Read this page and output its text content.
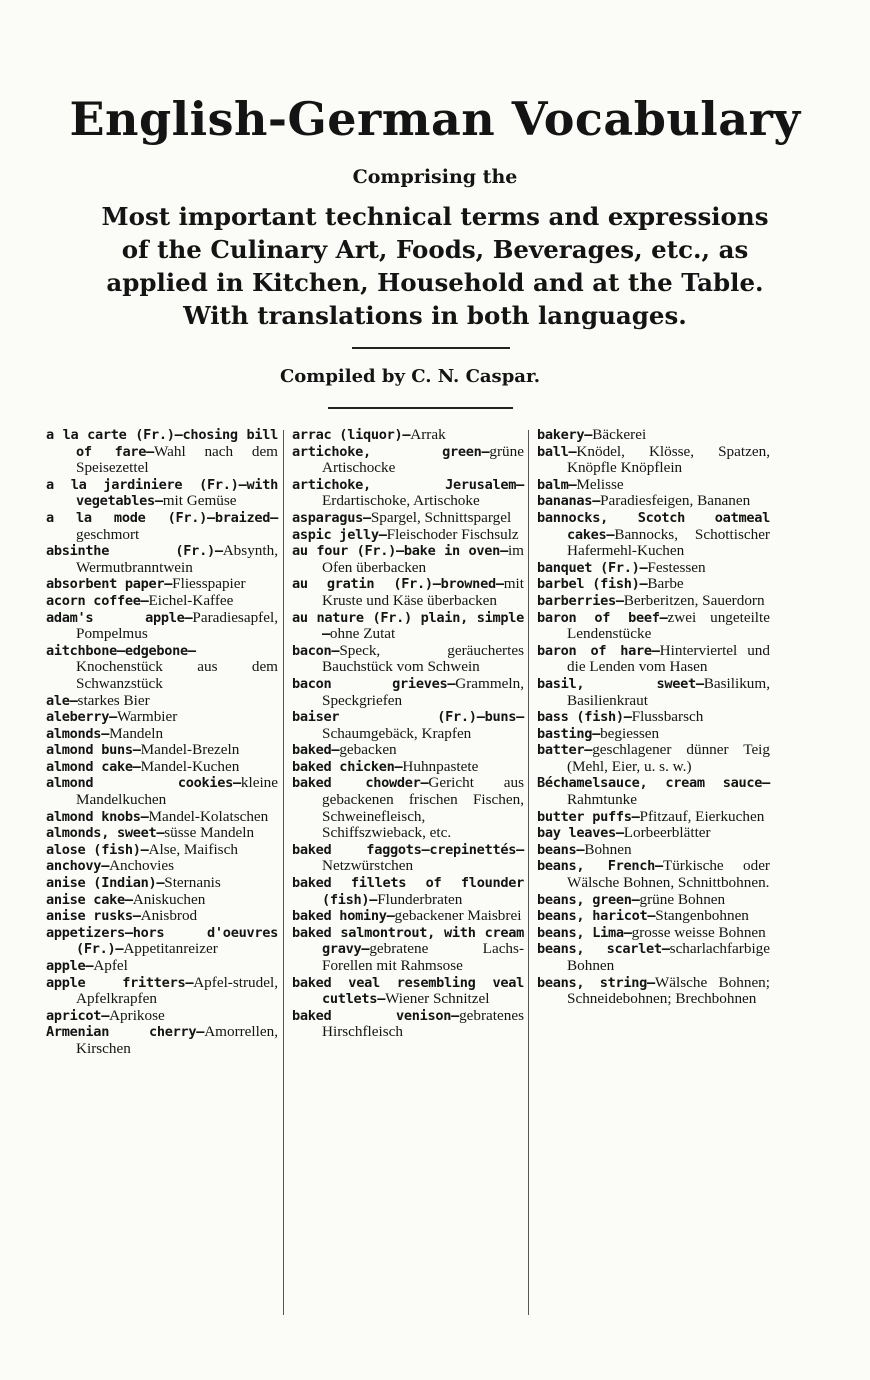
English-German Vocabulary
Comprising the
Most important technical terms and expressions
of the Culinary Art, Foods, Beverages, etc., as
applied in Kitchen, Household and at the Table.
With translations in both languages.
Compiled by C. N. Caspar.
a la carte (Fr.)—chosing bill of fare—Wahl nach dem Speisezettel
a la jardiniere (Fr.)—with vegetables—mit Gemüse
a la mode (Fr.)—braized—geschmort
absinthe (Fr.)—Absynth, Wermutbranntwein
absorbent paper—Fliesspapier
acorn coffee—Eichel-Kaffee
adam's apple—Paradiesapfel, Pompelmus
aitchbone—edgebone—Knochenstück aus dem Schwanzstück
ale—starkes Bier
aleberry—Warmbier
almonds—Mandeln
almond buns—Mandel-Brezeln
almond cake—Mandel-Kuchen
almond cookies—kleine Mandelkuchen
almond knobs—Mandel-Kolatschen
almonds, sweet—süsse Mandeln
alose (fish)—Alse, Maifisch
anchovy—Anchovies
anise (Indian)—Sternanis
anise cake—Aniskuchen
anise rusks—Anisbrod
appetizers—hors d'oeuvres (Fr.)—Appetitanreizer
apple—Apfel
apple fritters—Apfel-strudel, Apfelkrapfen
apricot—Aprikose
Armenian cherry—Amorrellen, Kirschen
arrac (liquor)—Arrak
artichoke, green—grüne Artischocke
artichoke, Jerusalem—Erdartischoke, Artischoke
asparagus—Spargel, Schnittspargel
aspic jelly—Fleischoder Fischsulz
au four (Fr.)—bake in oven—im Ofen überbacken
au gratin (Fr.)—browned—mit Kruste und Käse überbacken
au nature (Fr.) plain, simple—ohne Zutat
bacon—Speck, geräuchertes Bauchstück vom Schwein
bacon grieves—Grammeln, Speckgriefen
baiser (Fr.)—buns—Schaumgebäck, Krapfen
baked—gebacken
baked chicken—Huhnpastete
baked chowder—Gericht aus gebackenen frischen Fischen, Schweinefleisch, Schiffszwieback, etc.
baked faggots—crepinettés—Netzwürstchen
baked fillets of flounder (fish)—Flunderbraten
baked hominy—gebackener Maisbrei
baked salmontrout, with cream gravy—gebratene Lachs-Forellen mit Rahmsose
baked veal resembling veal cutlets—Wiener Schnitzel
baked venison—gebratenes Hirschfleisch
bakery—Bäckerei
ball—Knödel, Klösse, Spatzen, Knöpfle Knöpflein
balm—Melisse
bananas—Paradiesfeigen, Bananen
bannocks, Scotch oatmeal cakes—Bannocks, Schottischer Hafermehl-Kuchen
banquet (Fr.)—Festessen
barbel (fish)—Barbe
barberries—Berberitzen, Sauerdorn
baron of beef—zwei ungeteilte Lendenstücke
baron of hare—Hinterviertel und die Lenden vom Hasen
basil, sweet—Basilikum, Basilienkraut
bass (fish)—Flussbarsch
basting—begiessen
batter—geschlagener dünner Teig (Mehl, Eier, u. s. w.)
Béchamelsauce, cream sauce—Rahmtunke
butter puffs—Pfitzauf, Eierkuchen
bay leaves—Lorbeerblätter
beans—Bohnen
beans, French—Türkische oder Wälsche Bohnen, Schnittbohnen.
beans, green—grüne Bohnen
beans, haricot—Stangenbohnen
beans, Lima—grosse weisse Bohnen
beans, scarlet—scharlachfarbige Bohnen
beans, string—Wälsche Bohnen; Schneidebohnen; Brechbohnen
